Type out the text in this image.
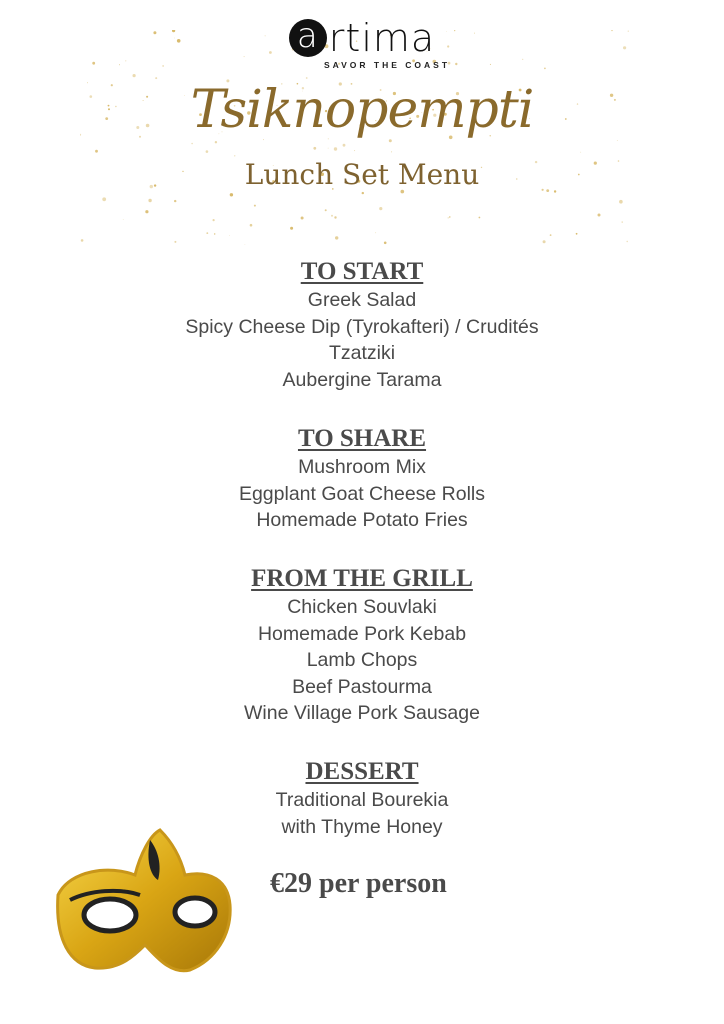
a rtima
SAVOR THE COAST
Tsiknopempti
Lunch Set Menu
TO START
Greek Salad
Spicy Cheese Dip (Tyrokafteri) / Crudités
Tzatziki
Aubergine Tarama
TO SHARE
Mushroom Mix
Eggplant Goat Cheese Rolls
Homemade Potato Fries
FROM THE GRILL
Chicken Souvlaki
Homemade Pork Kebab
Lamb Chops
Beef Pastourma
Wine Village Pork Sausage
DESSERT
Traditional Bourekia
with Thyme Honey
€29 per person
